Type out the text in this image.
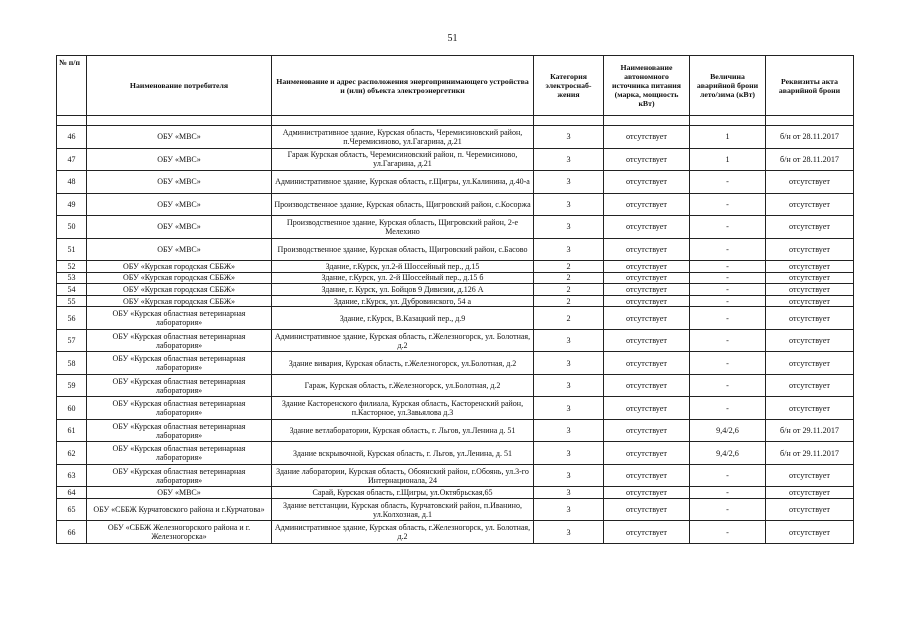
51
№ п/п	Наименование потребителя	Наименование и адрес расположения энергопринимающего устройства и (или) объекта электроэнергетики	Категория электроснаб-жения	Наименование автономного источника питания (марка, мощность кВт)	Величина аварийной брони лето/зима (кВт)	Реквизиты акта аварийной брони

46	ОБУ «МВС»	Административное здание, Курская область, Черемисиновский район, п.Черемисиново, ул.Гагарина, д.21	3	отсутствует	1	б/н от 28.11.2017
47	ОБУ «МВС»	Гараж Курская область, Черемисиновский район, п. Черемисиново, ул.Гагарина, д.21	3	отсутствует	1	б/н от 28.11.2017
48	ОБУ «МВС»	Административное здание, Курская область, г.Щигры, ул.Калинина, д.40-а	3	отсутствует	-	отсутствует
49	ОБУ «МВС»	Производственное здание, Курская область, Щигровский район, с.Косоржа	3	отсутствует	-	отсутствует
50	ОБУ «МВС»	Производственное здание, Курская область, Щигровский район, 2-е Мелехино	3	отсутствует	-	отсутствует
51	ОБУ «МВС»	Производственное здание, Курская область, Щигровский район, с.Басово	3	отсутствует	-	отсутствует
52	ОБУ «Курская городская СББЖ»	Здание, г.Курск, ул.2-й Шоссейный пер., д.15	2	отсутствует	-	отсутствует
53	ОБУ «Курская городская СББЖ»	Здание, г.Курск, ул. 2-й Шоссейный пер., д.15 б	2	отсутствует	-	отсутствует
54	ОБУ «Курская городская СББЖ»	Здание, г. Курск, ул. Бойцов 9 Дивизии, д.126 А	2	отсутствует	-	отсутствует
55	ОБУ «Курская городская СББЖ»	Здание, г.Курск, ул. Дубровинского, 54 а	2	отсутствует	-	отсутствует
56	ОБУ «Курская областная ветеринарная лаборатория»	Здание, г.Курск, В.Казацкий пер., д.9	2	отсутствует	-	отсутствует
57	ОБУ «Курская областная ветеринарная лаборатория»	Административное здание, Курская область, г.Железногорск, ул. Болотная, д.2	3	отсутствует	-	отсутствует
58	ОБУ «Курская областная ветеринарная лаборатория»	Здание вивария, Курская область, г.Железногорск, ул.Болотная, д.2	3	отсутствует	-	отсутствует
59	ОБУ «Курская областная ветеринарная лаборатория»	Гараж, Курская область, г.Железногорск, ул.Болотная, д.2	3	отсутствует	-	отсутствует
60	ОБУ «Курская областная ветеринарная лаборатория»	Здание Касторенского филиала, Курская область, Касторенский район, п.Касторное, ул.Завьялова д.3	3	отсутствует	-	отсутствует
61	ОБУ «Курская областная ветеринарная лаборатория»	Здание ветлаборатории, Курская область, г. Льгов, ул.Ленина д. 51	3	отсутствует	9,4/2,6	б/н от 29.11.2017
62	ОБУ «Курская областная ветеринарная лаборатория»	Здание вскрывочной, Курская область, г. Льгов, ул.Ленина, д. 51	3	отсутствует	9,4/2,6	б/н от 29.11.2017
63	ОБУ «Курская областная ветеринарная лаборатория»	Здание лаборатории, Курская область, Обоянский район, г.Обоянь, ул.3-го Интернационала, 24	3	отсутствует	-	отсутствует
64	ОБУ «МВС»	Сарай, Курская область, г.Щигры, ул.Октябрьская,65	3	отсутствует	-	отсутствует
65	ОБУ «СББЖ Курчатовского района и г.Курчатова»	Здание ветстанции, Курская область, Курчатовский район, п.Иванино, ул.Колхозная, д.1	3	отсутствует	-	отсутствует
66	ОБУ «СББЖ Железногорского района и г. Железногорска»	Административное здание, Курская область, г.Железногорск, ул. Болотная, д.2	3	отсутствует	-	отсутствует
